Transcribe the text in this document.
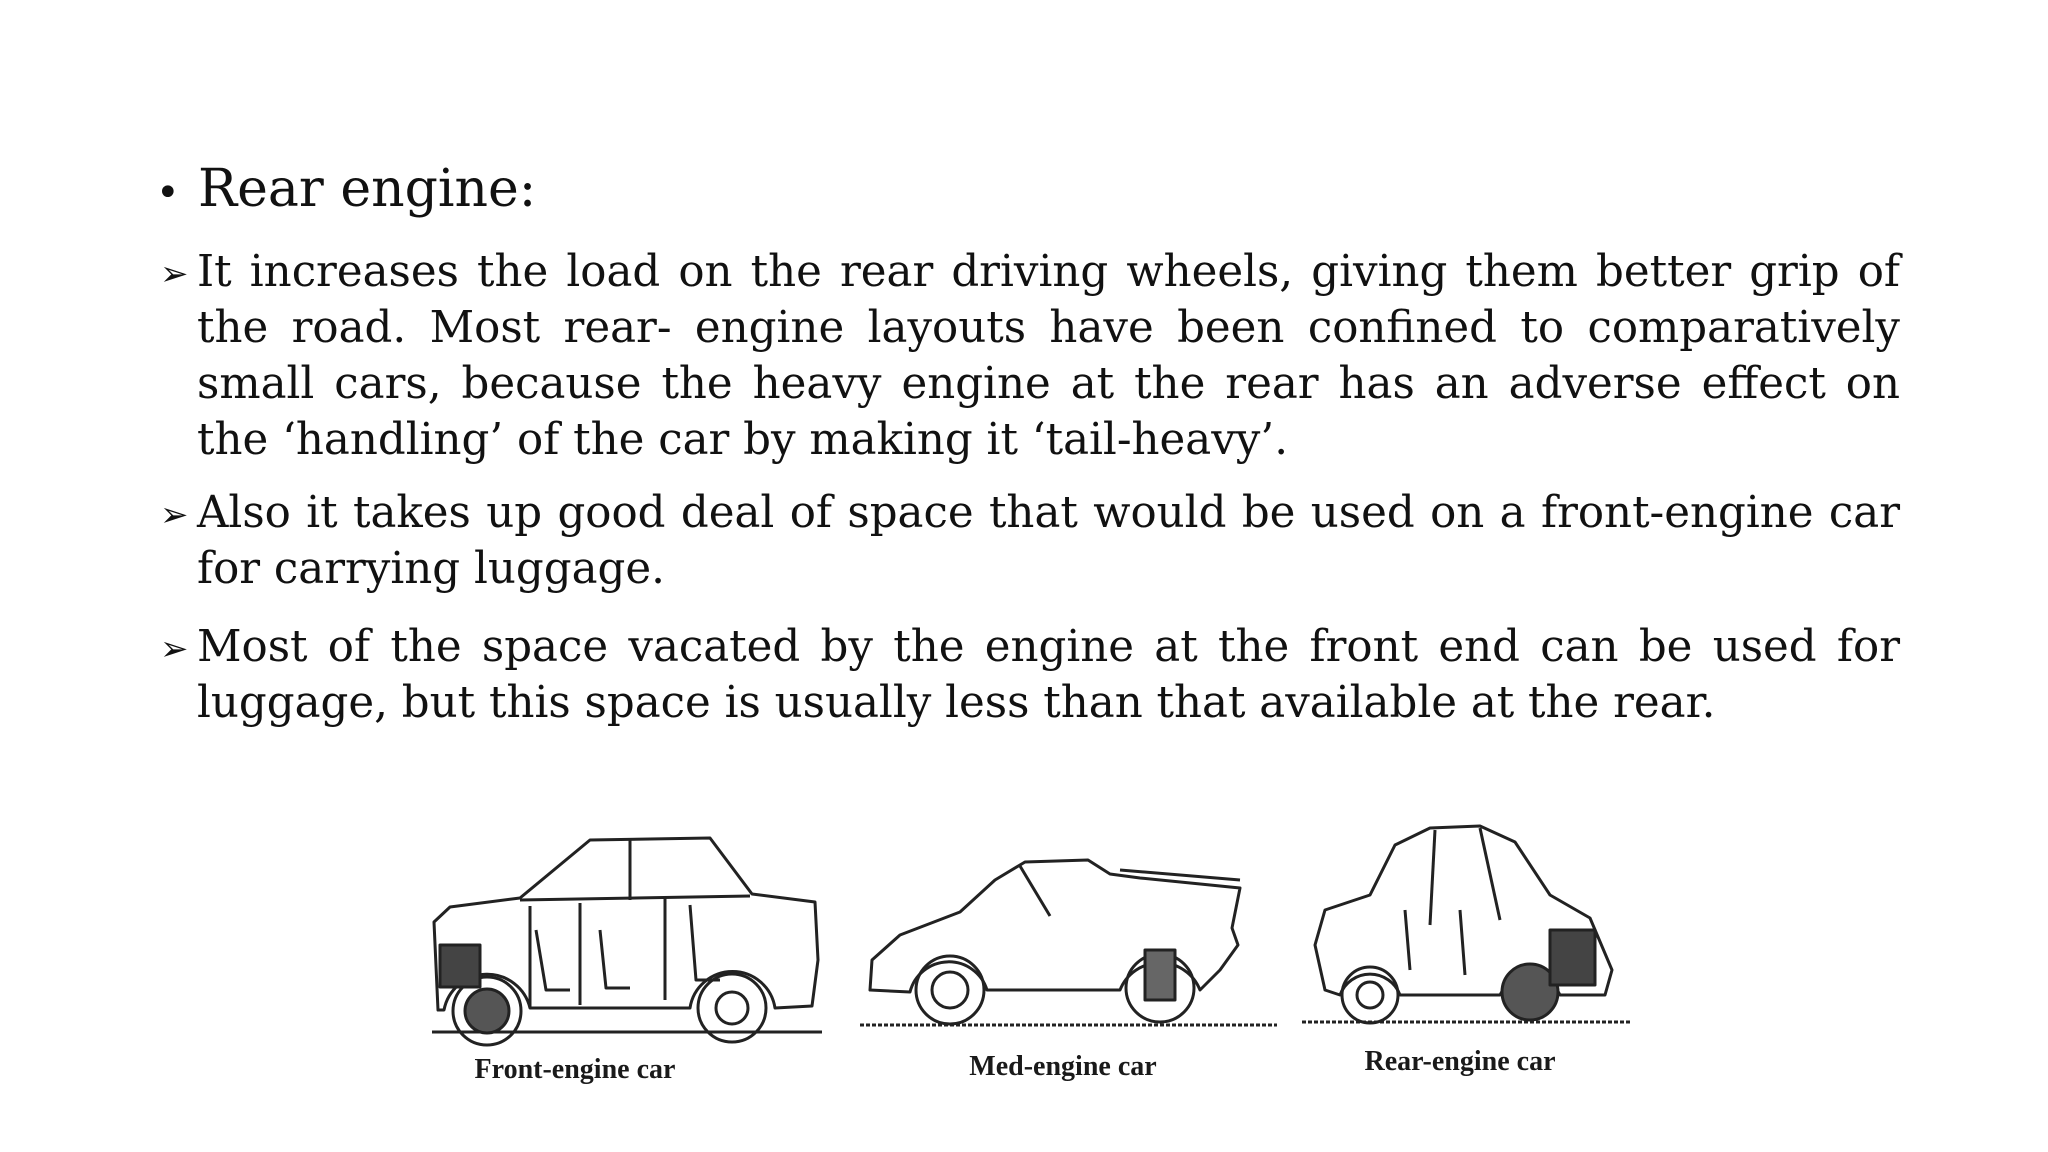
• Rear engine:
➢ It increases the load on the rear driving wheels, giving them better grip of the road. Most rear- engine layouts have been confined to comparatively small cars, because the heavy engine at the rear has an adverse effect on the ‘handling’ of the car by making it ‘tail-heavy’.
➢ Also it takes up good deal of space that would be used on a front-engine car for carrying luggage.
➢ Most of the space vacated by the engine at the front end can be used for luggage, but this space is usually less than that available at the rear.
Front-engine car	Med-engine car	Rear-engine car
